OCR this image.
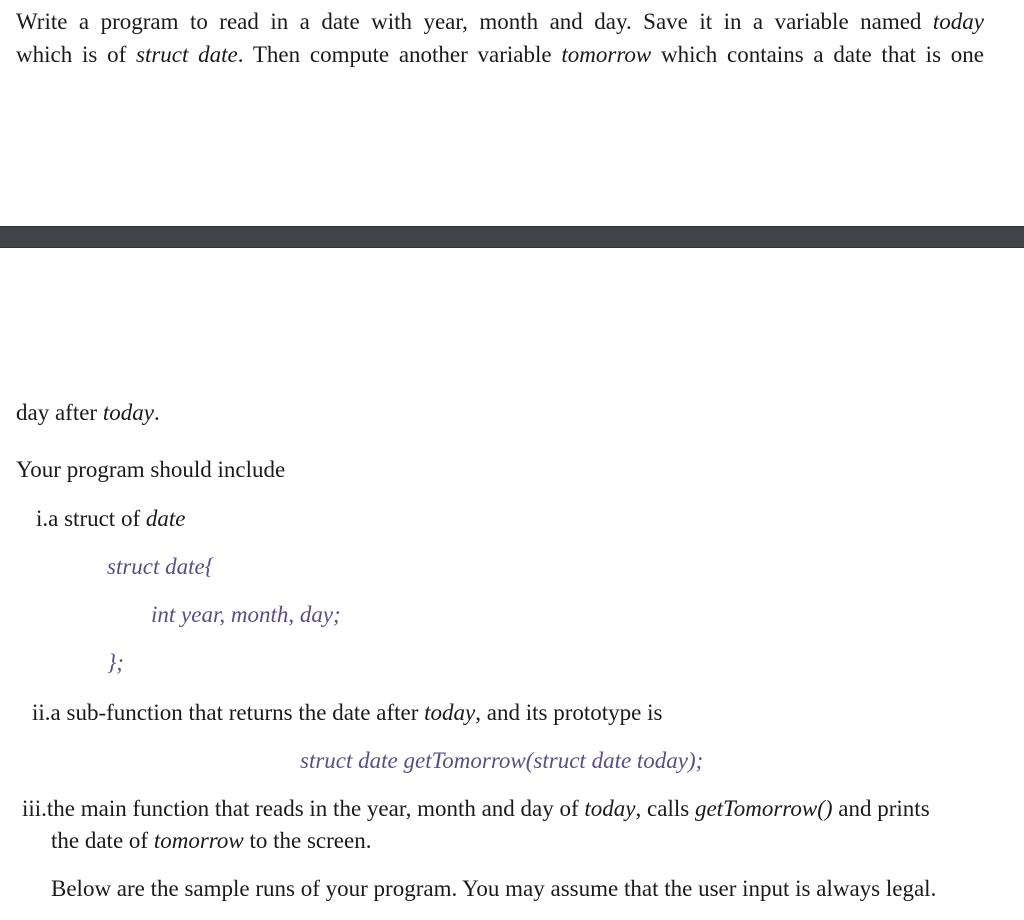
Write a program to read in a date with year, month and day. Save it in a variable named today
which is of struct date. Then compute another variable tomorrow which contains a date that is one
day after today.
Your program should include
i.a struct of date
struct date{
int year, month, day;
};
ii.a sub-function that returns the date after today, and its prototype is
struct date getTomorrow(struct date today);
iii.the main function that reads in the year, month and day of today, calls getTomorrow() and prints
the date of tomorrow to the screen.
Below are the sample runs of your program. You may assume that the user input is always legal.
